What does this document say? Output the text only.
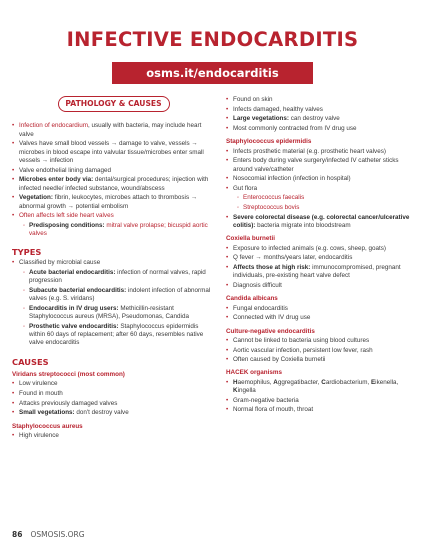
INFECTIVE ENDOCARDITIS
osms.it/endocarditis
PATHOLOGY & CAUSES
• Infection of endocardium, usually with bacteria, may include heart valve
• Valves have small blood vessels → damage to valve, vessels → microbes in blood escape into valvular tissue/microbes enter small vessels → infection
• Valve endothelial lining damaged
• Microbes enter body via: dental/surgical procedures; injection with infected needle/ infected substance, wound/abscess
• Vegetation: fibrin, leukocytes, microbes attach to thrombosis → abnormal growth → potential embolism
• Often affects left side heart valves
◦ Predisposing conditions: mitral valve prolapse; bicuspid aortic valves
TYPES
• Classified by microbial cause
◦ Acute bacterial endocarditis: infection of normal valves, rapid progression
◦ Subacute bacterial endocarditis: indolent infection of abnormal valves (e.g. S. viridans)
◦ Endocarditis in IV drug users: Methicillin-resistant Staphylococcus aureus (MRSA), Pseudomonas, Candida
◦ Prosthetic valve endocarditis: Staphylococcus epidermidis within 60 days of replacement; after 60 days, resembles native valve endocarditis
CAUSES
Viridans streptococci (most common)
• Low virulence
• Found in mouth
• Attacks previously damaged valves
• Small vegetations: don't destroy valve
Staphylococcus aureus
• High virulence
• Found on skin
• Infects damaged, healthy valves
• Large vegetations: can destroy valve
• Most commonly contracted from IV drug use
Staphylococcus epidermidis
• Infects prosthetic material (e.g. prosthetic heart valves)
• Enters body during valve surgery/infected IV catheter sticks around valve/catheter
• Nosocomial infection (infection in hospital)
• Gut flora
◦ Enterococcus faecalis
◦ Streptococcus bovis
• Severe colorectal disease (e.g. colorectal cancer/ulcerative colitis): bacteria migrate into bloodstream
Coxiella burnetii
• Exposure to infected animals (e.g. cows, sheep, goats)
• Q fever → months/years later, endocarditis
• Affects those at high risk: immunocompromised, pregnant individuals, pre-existing heart valve defect
• Diagnosis difficult
Candida albicans
• Fungal endocarditis
• Connected with IV drug use
Culture-negative endocarditis
• Cannot be linked to bacteria using blood cultures
• Aortic vascular infection, persistent low fever, rash
• Often caused by Coxiella burnetii
HACEK organisms
• Haemophilus, Aggregatibacter, Cardiobacterium, Eikenella, Kingella
• Gram-negative bacteria
• Normal flora of mouth, throat
86 OSMOSIS.ORG
